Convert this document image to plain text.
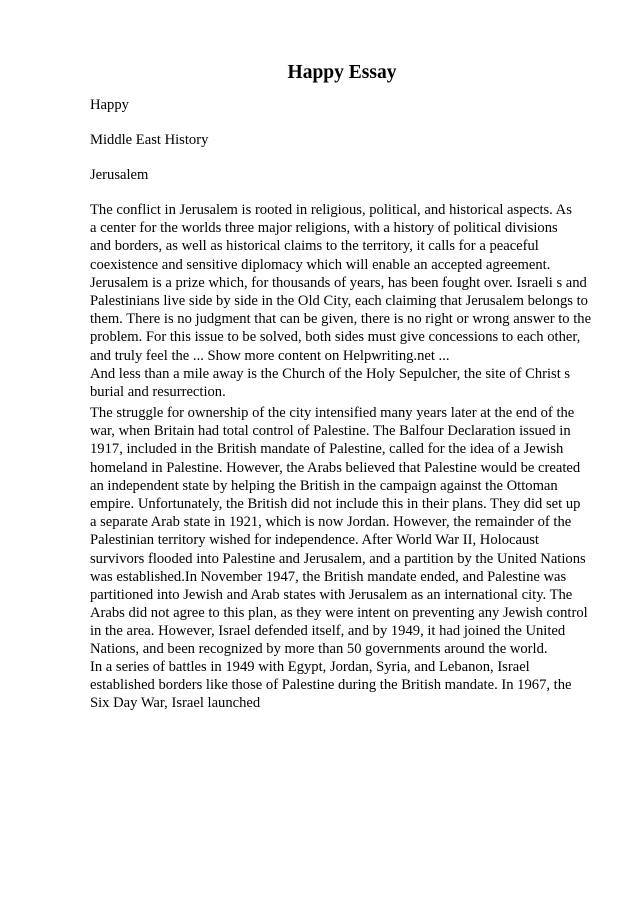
Happy Essay
Happy
Middle East History
Jerusalem
The conflict in Jerusalem is rooted in religious, political, and historical aspects. As
a center for the worlds three major religions, with a history of political divisions
and borders, as well as historical claims to the territory, it calls for a peaceful
coexistence and sensitive diplomacy which will enable an accepted agreement.
Jerusalem is a prize which, for thousands of years, has been fought over. Israeli s and
Palestinians live side by side in the Old City, each claiming that Jerusalem belongs to
them. There is no judgment that can be given, there is no right or wrong answer to the
problem. For this issue to be solved, both sides must give concessions to each other,
and truly feel the ... Show more content on Helpwriting.net ...
And less than a mile away is the Church of the Holy Sepulcher, the site of Christ s
burial and resurrection.
The struggle for ownership of the city intensified many years later at the end of the
war, when Britain had total control of Palestine. The Balfour Declaration issued in
1917, included in the British mandate of Palestine, called for the idea of a Jewish
homeland in Palestine. However, the Arabs believed that Palestine would be created
an independent state by helping the British in the campaign against the Ottoman
empire. Unfortunately, the British did not include this in their plans. They did set up
a separate Arab state in 1921, which is now Jordan. However, the remainder of the
Palestinian territory wished for independence. After World War II, Holocaust
survivors flooded into Palestine and Jerusalem, and a partition by the United Nations
was established.In November 1947, the British mandate ended, and Palestine was
partitioned into Jewish and Arab states with Jerusalem as an international city. The
Arabs did not agree to this plan, as they were intent on preventing any Jewish control
in the area. However, Israel defended itself, and by 1949, it had joined the United
Nations, and been recognized by more than 50 governments around the world.
In a series of battles in 1949 with Egypt, Jordan, Syria, and Lebanon, Israel
established borders like those of Palestine during the British mandate. In 1967, the
Six Day War, Israel launched
